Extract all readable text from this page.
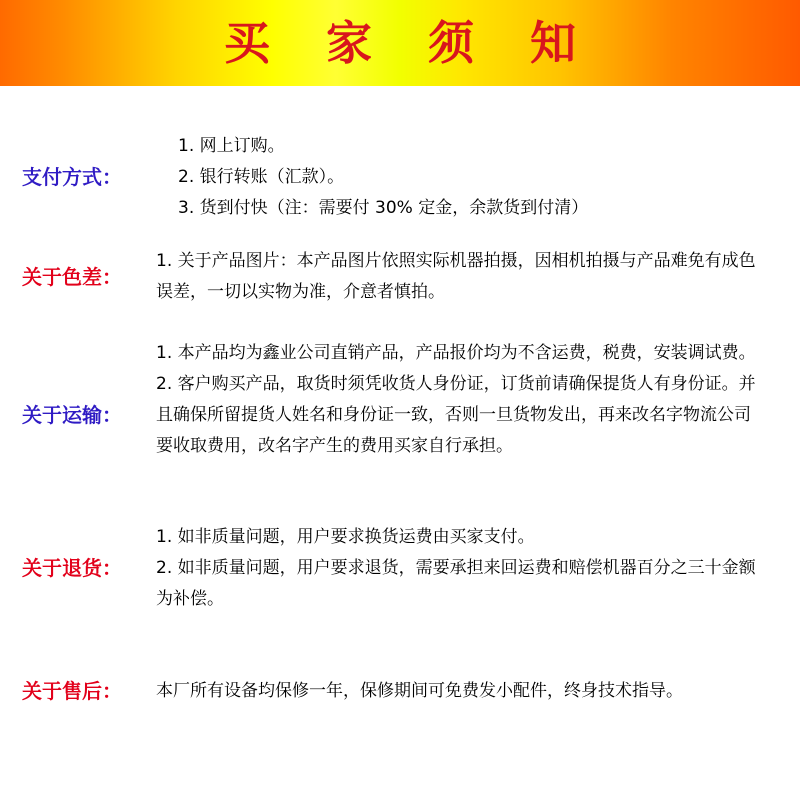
买 家 须 知
支付方式：
1. 网上订购。
2. 银行转账（汇款）。
3. 货到付快（注：需要付 30% 定金，余款货到付清）
关于色差：
1. 关于产品图片：本产品图片依照实际机器拍摄，因相机拍摄与产品难免有成色误差，一切以实物为准，介意者慎拍。
关于运输：
1. 本产品均为鑫业公司直销产品，产品报价均为不含运费，税费，安装调试费。
2. 客户购买产品，取货时须凭收货人身份证，订货前请确保提货人有身份证。并且确保所留提货人姓名和身份证一致，否则一旦货物发出，再来改名字物流公司要收取费用，改名字产生的费用买家自行承担。
关于退货：
1. 如非质量问题，用户要求换货运费由买家支付。
2. 如非质量问题，用户要求退货，需要承担来回运费和赔偿机器百分之三十金额为补偿。
关于售后：	本厂所有设备均保修一年，保修期间可免费发小配件，终身技术指导。
